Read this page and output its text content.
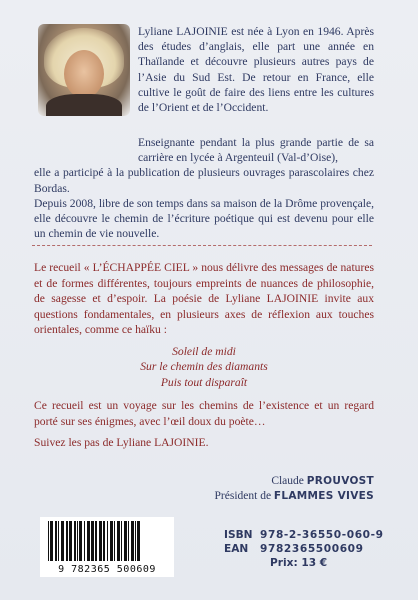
Lyliane LAJOINIE est née à Lyon en 1946. Après des études d’anglais, elle part une année en Thaïlande et découvre plusieurs autres pays de l’Asie du Sud Est. De retour en France, elle cultive le goût de faire des liens entre les cultures de l’Orient et de l’Occident.

Enseignante pendant la plus grande partie de sa carrière en lycée à Argenteuil (Val-d’Oise),

elle a participé à la publication de plusieurs ouvrages parascolaires chez Bordas.

Depuis 2008, libre de son temps dans sa maison de la Drôme provençale, elle découvre le chemin de l’écriture poétique qui est devenu pour elle un chemin de vie nouvelle.

Le recueil « L’ÉCHAPPÉE CIEL » nous délivre des messages de natures et de formes différentes, toujours empreints de nuances de philosophie, de sagesse et d’espoir. La poésie de Lyliane LAJOINIE invite aux questions fondamentales, en plusieurs axes de réflexion aux touches orientales, comme ce haïku :

Soleil de midi
Sur le chemin des diamants
Puis tout disparaît

Ce recueil est un voyage sur les chemins de l’existence et un regard porté sur ses énigmes, avec l’œil doux du poète…

Suivez les pas de Lyliane LAJOINIE.

Claude PROUVOST
Président de FLAMMES VIVES
9 782365 500609
ISBN 978-2-36550-060-9
EAN	9782365500609
Prix: 13 €
